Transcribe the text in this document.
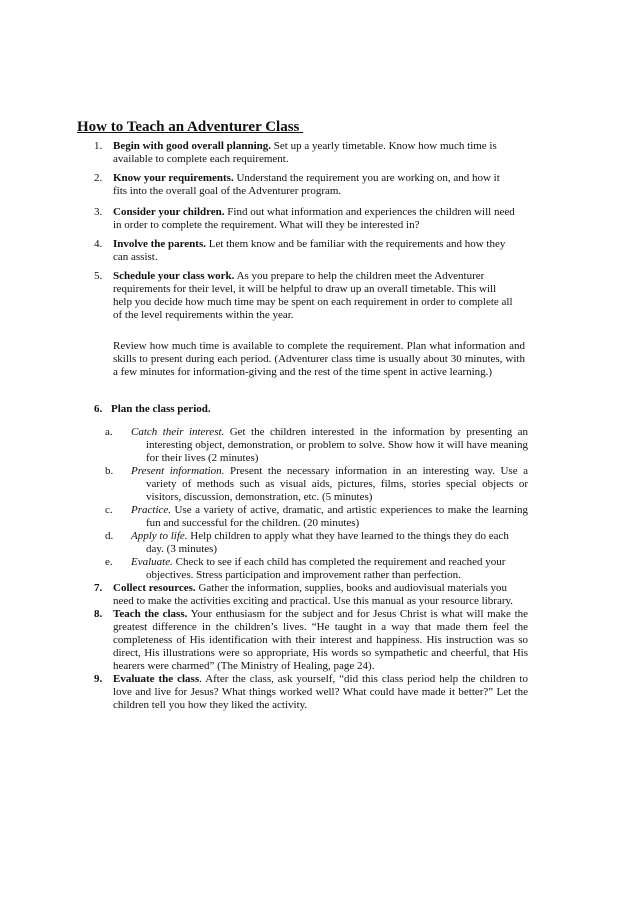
How to Teach an Adventurer Class
1. Begin with good overall planning. Set up a yearly timetable. Know how much time is available to complete each requirement.
2. Know your requirements. Understand the requirement you are working on, and how it fits into the overall goal of the Adventurer program.
3. Consider your children. Find out what information and experiences the children will need in order to complete the requirement. What will they be interested in?
4. Involve the parents. Let them know and be familiar with the requirements and how they can assist.
5. Schedule your class work. As you prepare to help the children meet the Adventurer requirements for their level, it will be helpful to draw up an overall timetable. This will help you decide how much time may be spent on each requirement in order to complete all of the level requirements within the year.
Review how much time is available to complete the requirement. Plan what information and skills to present during each period. (Adventurer class time is usually about 30 minutes, with a few minutes for information-giving and the rest of the time spent in active learning.)
6. Plan the class period.
a. Catch their interest. Get the children interested in the information by presenting an interesting object, demonstration, or problem to solve. Show how it will have meaning for their lives (2 minutes)
b. Present information. Present the necessary information in an interesting way. Use a variety of methods such as visual aids, pictures, films, stories special objects or visitors, discussion, demonstration, etc. (5 minutes)
c. Practice. Use a variety of active, dramatic, and artistic experiences to make the learning fun and successful for the children. (20 minutes)
d. Apply to life. Help children to apply what they have learned to the things they do each day. (3 minutes)
e. Evaluate. Check to see if each child has completed the requirement and reached your objectives. Stress participation and improvement rather than perfection.
7. Collect resources. Gather the information, supplies, books and audiovisual materials you need to make the activities exciting and practical. Use this manual as your resource library.
8. Teach the class. Your enthusiasm for the subject and for Jesus Christ is what will make the greatest difference in the children’s lives. “He taught in a way that made them feel the completeness of His identification with their interest and happiness. His instruction was so direct, His illustrations were so appropriate, His words so sympathetic and cheerful, that His hearers were charmed” (The Ministry of Healing, page 24).
9. Evaluate the class. After the class, ask yourself, “did this class period help the children to love and live for Jesus? What things worked well? What could have made it better?” Let the children tell you how they liked the activity.
